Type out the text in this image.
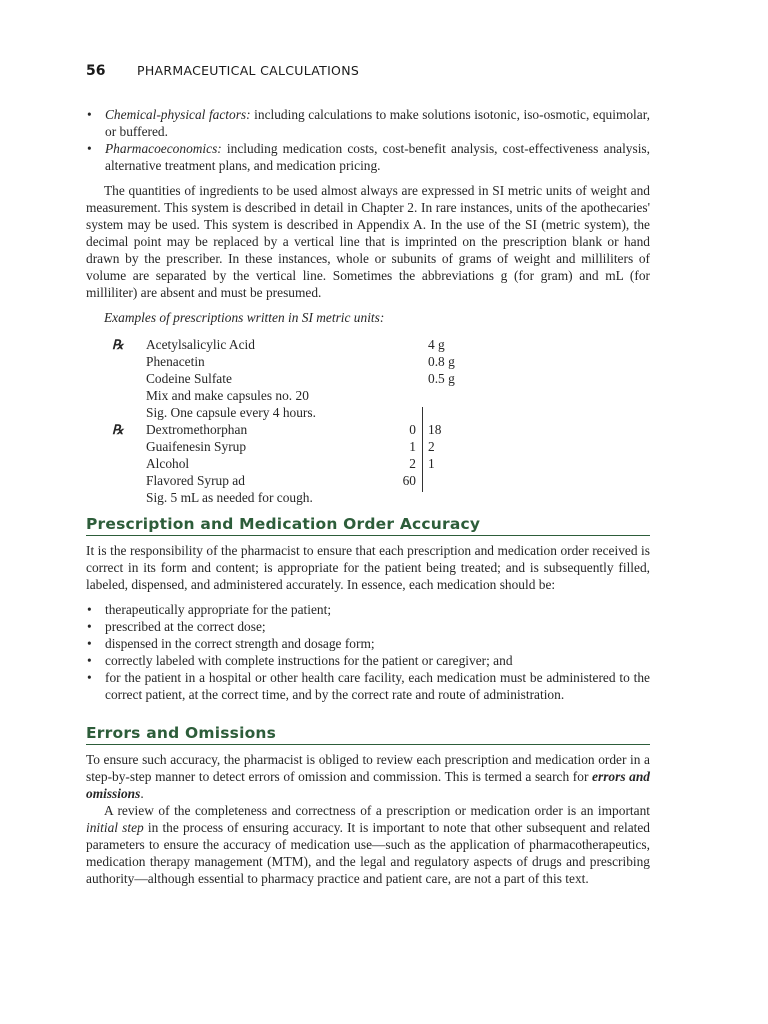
56	PHARMACEUTICAL CALCULATIONS
• Chemical-physical factors: including calculations to make solutions isotonic, iso-osmotic, equimolar, or buffered.
• Pharmacoeconomics: including medication costs, cost-benefit analysis, cost-effectiveness analysis, alternative treatment plans, and medication pricing.

The quantities of ingredients to be used almost always are expressed in SI metric units of weight and measurement. This system is described in detail in Chapter 2. In rare instances, units of the apothecaries' system may be used. This system is described in Appendix A. In the use of the SI (metric system), the decimal point may be replaced by a vertical line that is imprinted on the prescription blank or hand drawn by the prescriber. In these instances, whole or subunits of grams of weight and milliliters of volume are separated by the vertical line. Sometimes the abbreviations g (for gram) and mL (for milliliter) are absent and must be presumed.

Examples of prescriptions written in SI metric units:

℞ Acetylsalicylic Acid	4 g
Phenacetin	0.8 g
Codeine Sulfate	0.5 g
Mix and make capsules no. 20
Sig. One capsule every 4 hours.
℞ Dextromethorphan	0 18
Guaifenesin Syrup	1 2
Alcohol	2 1
Flavored Syrup ad	60
Sig. 5 mL as needed for cough.
Prescription and Medication Order Accuracy

It is the responsibility of the pharmacist to ensure that each prescription and medication order received is correct in its form and content; is appropriate for the patient being treated; and is subsequently filled, labeled, dispensed, and administered accurately. In essence, each medication should be:

• therapeutically appropriate for the patient;
• prescribed at the correct dose;
• dispensed in the correct strength and dosage form;
• correctly labeled with complete instructions for the patient or caregiver; and
• for the patient in a hospital or other health care facility, each medication must be administered to the correct patient, at the correct time, and by the correct rate and route of administration.
Errors and Omissions

To ensure such accuracy, the pharmacist is obliged to review each prescription and medication order in a step-by-step manner to detect errors of omission and commission. This is termed a search for errors and omissions.

A review of the completeness and correctness of a prescription or medication order is an important initial step in the process of ensuring accuracy. It is important to note that other subsequent and related parameters to ensure the accuracy of medication use—such as the application of pharmacotherapeutics, medication therapy management (MTM), and the legal and regulatory aspects of drugs and prescribing authority—although essential to pharmacy practice and patient care, are not a part of this text.
